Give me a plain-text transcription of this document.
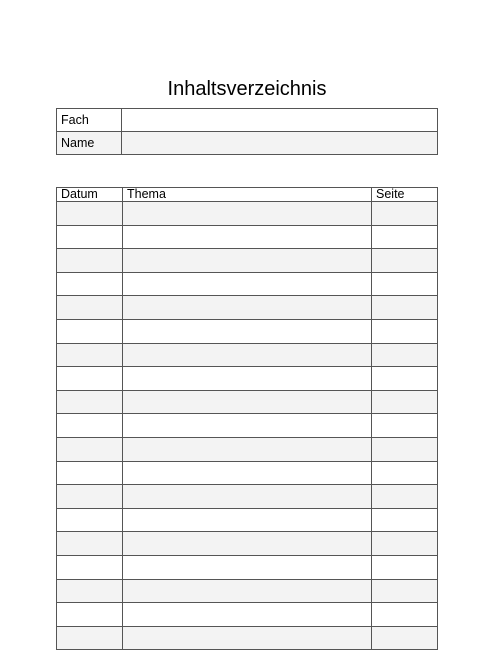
Inhaltsverzeichnis
Fach	
Name	
Datum	Thema	Seite
